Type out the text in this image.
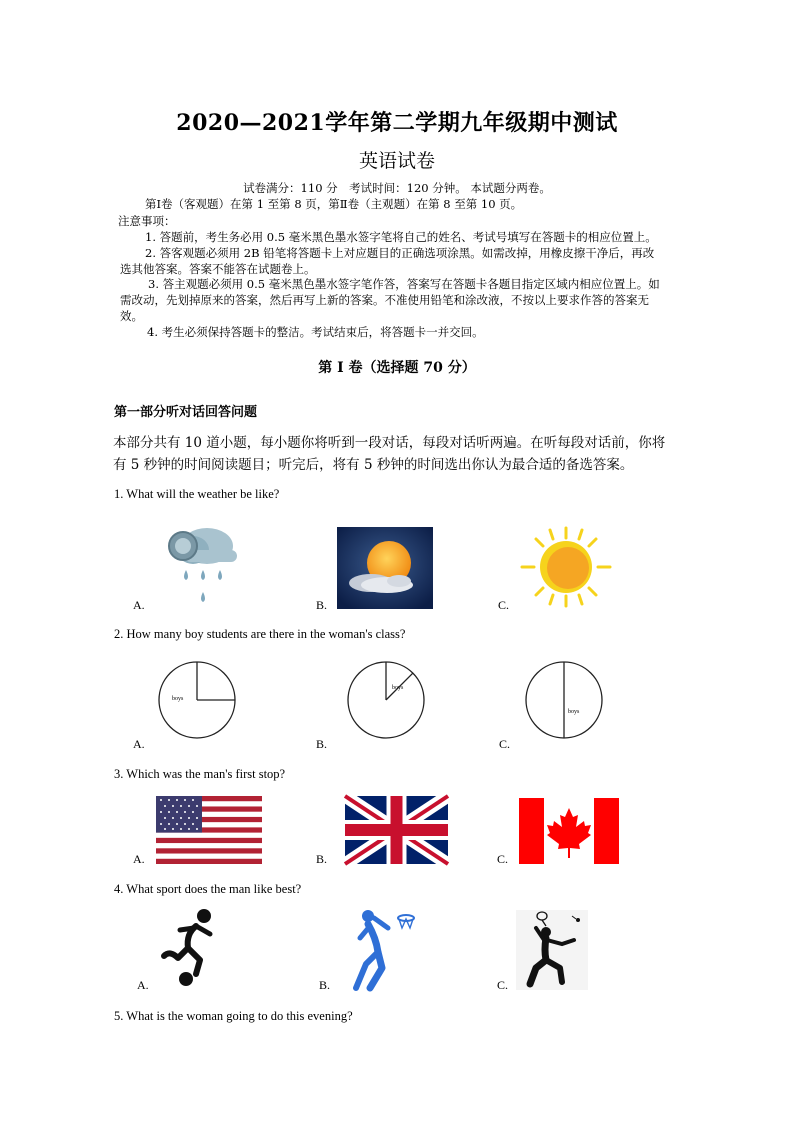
2020—2021学年第二学期九年级期中测试
英语试卷
试卷满分：110 分　考试时间：120 分钟。 本试题分两卷。
第Ⅰ卷（客观题）在第 1 至第 8 页，第Ⅱ卷（主观题）在第 8 至第 10 页。
注意事项：
1. 答题前，考生务必用 0.5 毫米黑色墨水签字笔将自己的姓名、考试号填写在答题卡的相应位置上。
2. 答客观题必须用 2B 铅笔将答题卡上对应题目的正确选项涂黑。如需改掉，用橡皮擦干净后，再改
选其他答案。答案不能答在试题卷上。
3. 答主观题必须用 0.5 毫米黑色墨水签字笔作答，答案写在答题卡各题目指定区域内相应位置上。如
需改动，先划掉原来的答案，然后再写上新的答案。不准使用铅笔和涂改液，不按以上要求作答的答案无
效。
4. 考生必须保持答题卡的整洁。考试结束后，将答题卡一并交回。
第 Ⅰ 卷（选择题 70 分）
第一部分听对话回答问题
本部分共有 10 道小题，每小题你将听到一段对话，每段对话听两遍。在听每段对话前，你将
有 5 秒钟的时间阅读题目；听完后，将有 5 秒钟的时间选出你认为最合适的备选答案。
1. What will the weather be like?
A.	B.	C.
2. How many boy students are there in the woman's class?
boys
boys
boys
A.	B.	C.
3. Which was the man's first stop?
A.	B.	C.
4. What sport does the man like best?
A.	B.	C.
5. What is the woman going to do this evening?
